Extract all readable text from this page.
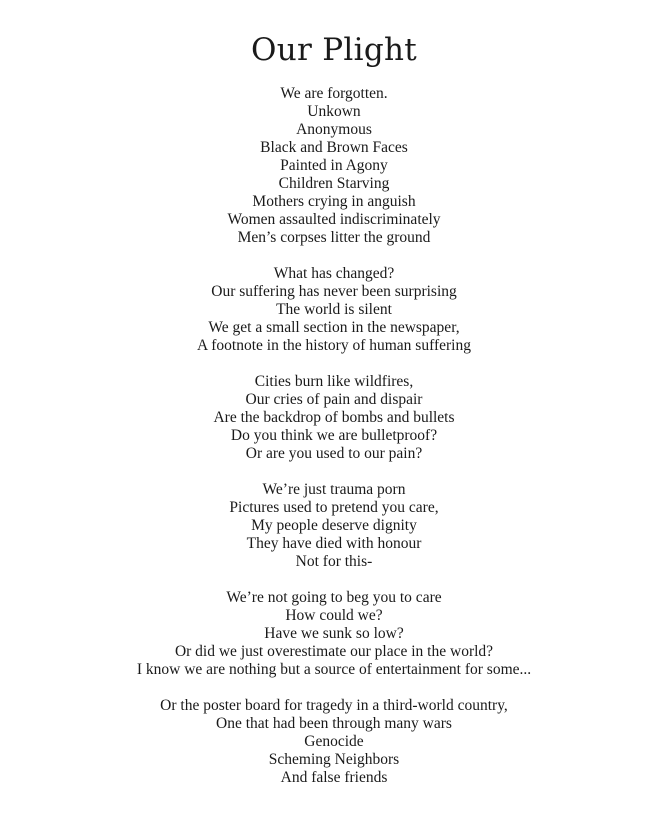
Our Plight
We are forgotten.
Unkown
Anonymous
Black and Brown Faces
Painted in Agony
Children Starving
Mothers crying in anguish
Women assaulted indiscriminately
Men’s corpses litter the ground
What has changed?
Our suffering has never been surprising
The world is silent
We get a small section in the newspaper,
A footnote in the history of human suffering
Cities burn like wildfires,
Our cries of pain and dispair
Are the backdrop of bombs and bullets
Do you think we are bulletproof?
Or are you used to our pain?
We’re just trauma porn
Pictures used to pretend you care,
My people deserve dignity
They have died with honour
Not for this-
We’re not going to beg you to care
How could we?
Have we sunk so low?
Or did we just overestimate our place in the world?
I know we are nothing but a source of entertainment for some...
Or the poster board for tragedy in a third-world country,
One that had been through many wars
Genocide
Scheming Neighbors
And false friends
